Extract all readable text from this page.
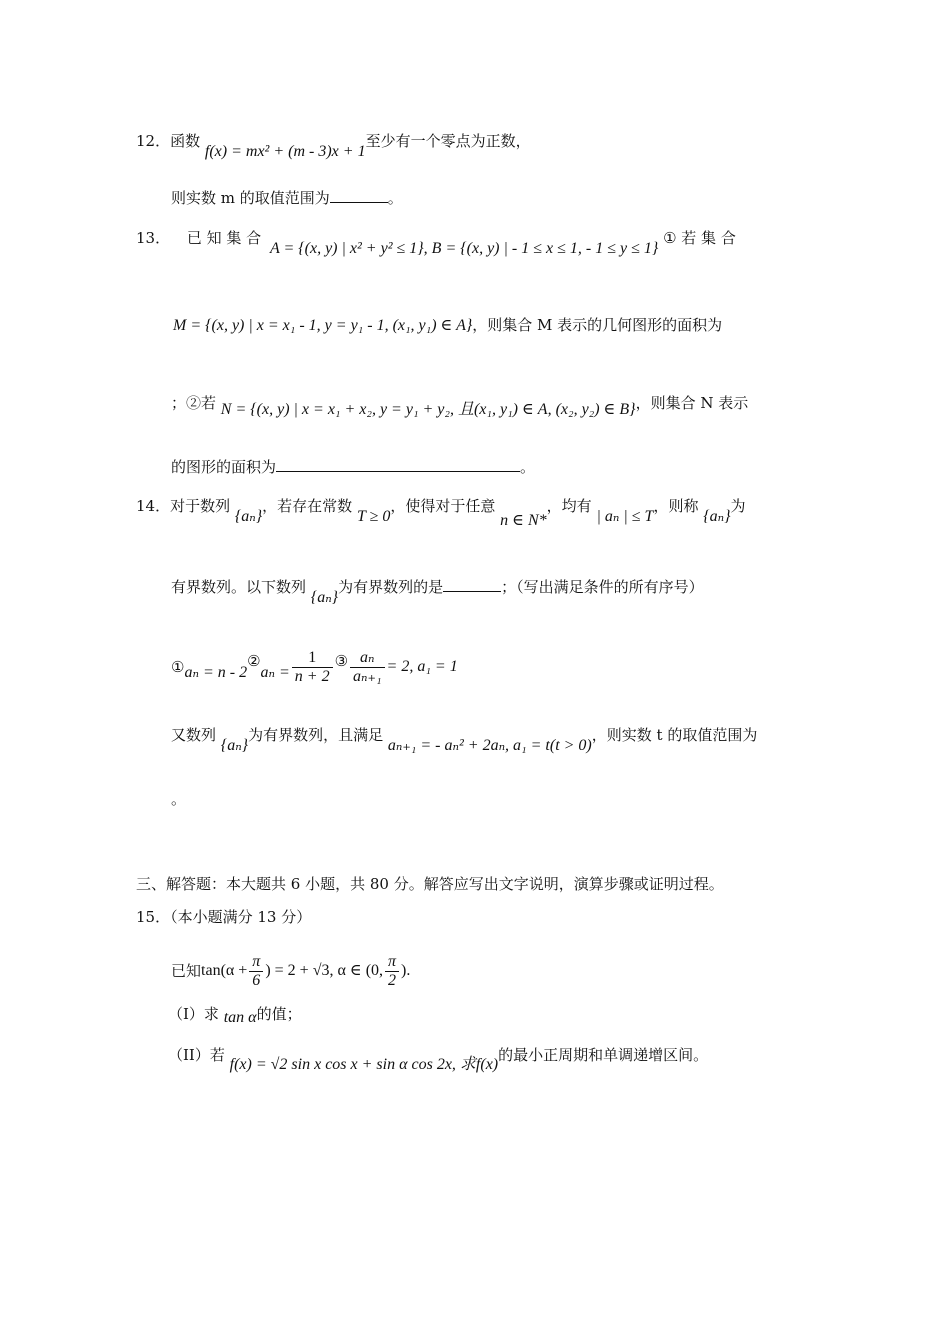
12．函数 f(x) = mx² + (m - 3)x + 1至少有一个零点为正数，
则实数 m 的取值范围为	。
13． 已 知 集 合 A = {(x, y) | x² + y² ≤ 1}, B = {(x, y) | - 1 ≤ x ≤ 1, - 1 ≤ y ≤ 1} ① 若 集 合
M = {(x, y) | x = x₁ - 1, y = y₁ - 1, (x₁, y₁) ∈ A}，则集合 M 表示的几何图形的面积为
；②若 N = {(x, y) | x = x₁ + x₂, y = y₁ + y₂, 且(x₁, y₁) ∈ A, (x₂, y₂) ∈ B}，则集合 N 表示
的图形的面积为	。
14．对于数列 {aₙ}，若存在常数 T ≥ 0，使得对于任意 n ∈ N*，均有 | aₙ | ≤ T，则称 {aₙ}为
有界数列。以下数列 {aₙ}为有界数列的是	；（写出满足条件的所有序号）
①aₙ = n - 2②aₙ = $\frac{1}{n + 2}$ ③ $\frac{\text{aₙ}}{\text{aₙ₊₁}} = 2$, a₁ = 1
又数列 {aₙ}为有界数列，且满足 aₙ₊₁ = - aₙ² + 2aₙ, a₁ = t(t > 0)，则实数 t 的取值范围为
。
三、解答题：本大题共 6 小题，共 80 分。解答应写出文字说明，演算步骤或证明过程。
15．（本小题满分 13 分）
已知$\tan(\alpha + \frac{\pi}{6}$ ) = 2 + √3, α ∈ (0, $\frac{\pi}{2}$ ).
（I）求 tan α的值；
（II）若 f(x) = √2 sin x cos x + sin α cos 2x, 求f(x)的最小正周期和单调递增区间。
